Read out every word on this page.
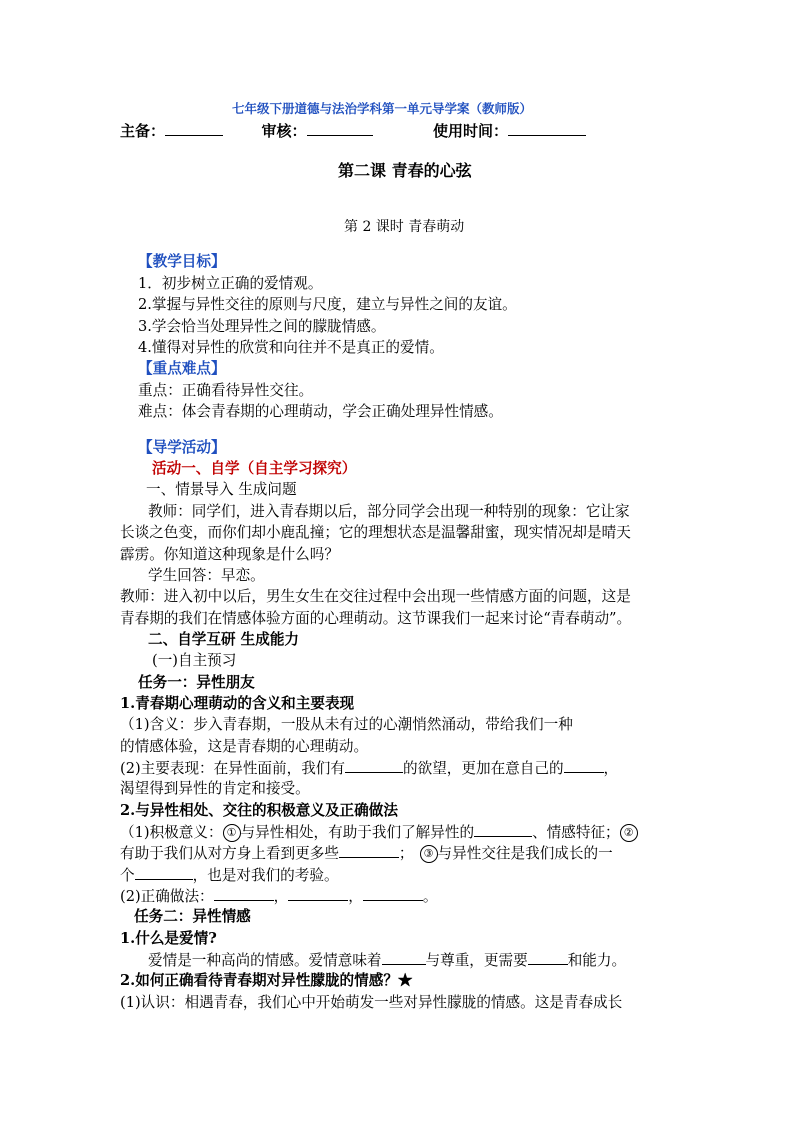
七年级下册道德与法治学科第一单元导学案（教师版）
主备：	审核：	使用时间：
第二课 青春的心弦
第 2 课时 青春萌动
【教学目标】
1．初步树立正确的爱情观。
2.掌握与异性交往的原则与尺度，建立与异性之间的友谊。
3.学会恰当处理异性之间的朦胧情感。
4.懂得对异性的欣赏和向往并不是真正的爱情。
【重点难点】
重点：正确看待异性交往。
难点：体会青春期的心理萌动，学会正确处理异性情感。
【导学活动】
活动一、自学（自主学习探究）
一、情景导入 生成问题
教师：同学们，进入青春期以后，部分同学会出现一种特别的现象：它让家
长谈之色变，而你们却小鹿乱撞；它的理想状态是温馨甜蜜，现实情况却是晴天
霹雳。你知道这种现象是什么吗？
学生回答：早恋。
教师：进入初中以后，男生女生在交往过程中会出现一些情感方面的问题，这是
青春期的我们在情感体验方面的心理萌动。这节课我们一起来讨论“青春萌动”。
二、自学互研 生成能力
(一)自主预习
任务一：异性朋友
1.青春期心理萌动的含义和主要表现
（1)含义：步入青春期，一股从未有过的心潮悄然涌动，带给我们一种
的情感体验，这是青春期的心理萌动。
(2)主要表现：在异性面前，我们有	的欲望，更加在意自己的	，
渴望得到异性的肯定和接受。
2.与异性相处、交往的积极意义及正确做法
（1)积极意义： ① 与异性相处，有助于我们了解异性的	、情感特征； ②
有助于我们从对方身上看到更多些	； ③ 与异性交往是我们成长的一
个	，也是对我们的考验。
(2)正确做法：	，	，	。
任务二：异性情感
1.什么是爱情?
爱情是一种高尚的情感。爱情意味着	与尊重，更需要	和能力。
2.如何正确看待青春期对异性朦胧的情感？★
(1)认识：相遇青春，我们心中开始萌发一些对异性朦胧的情感。这是青春成长
